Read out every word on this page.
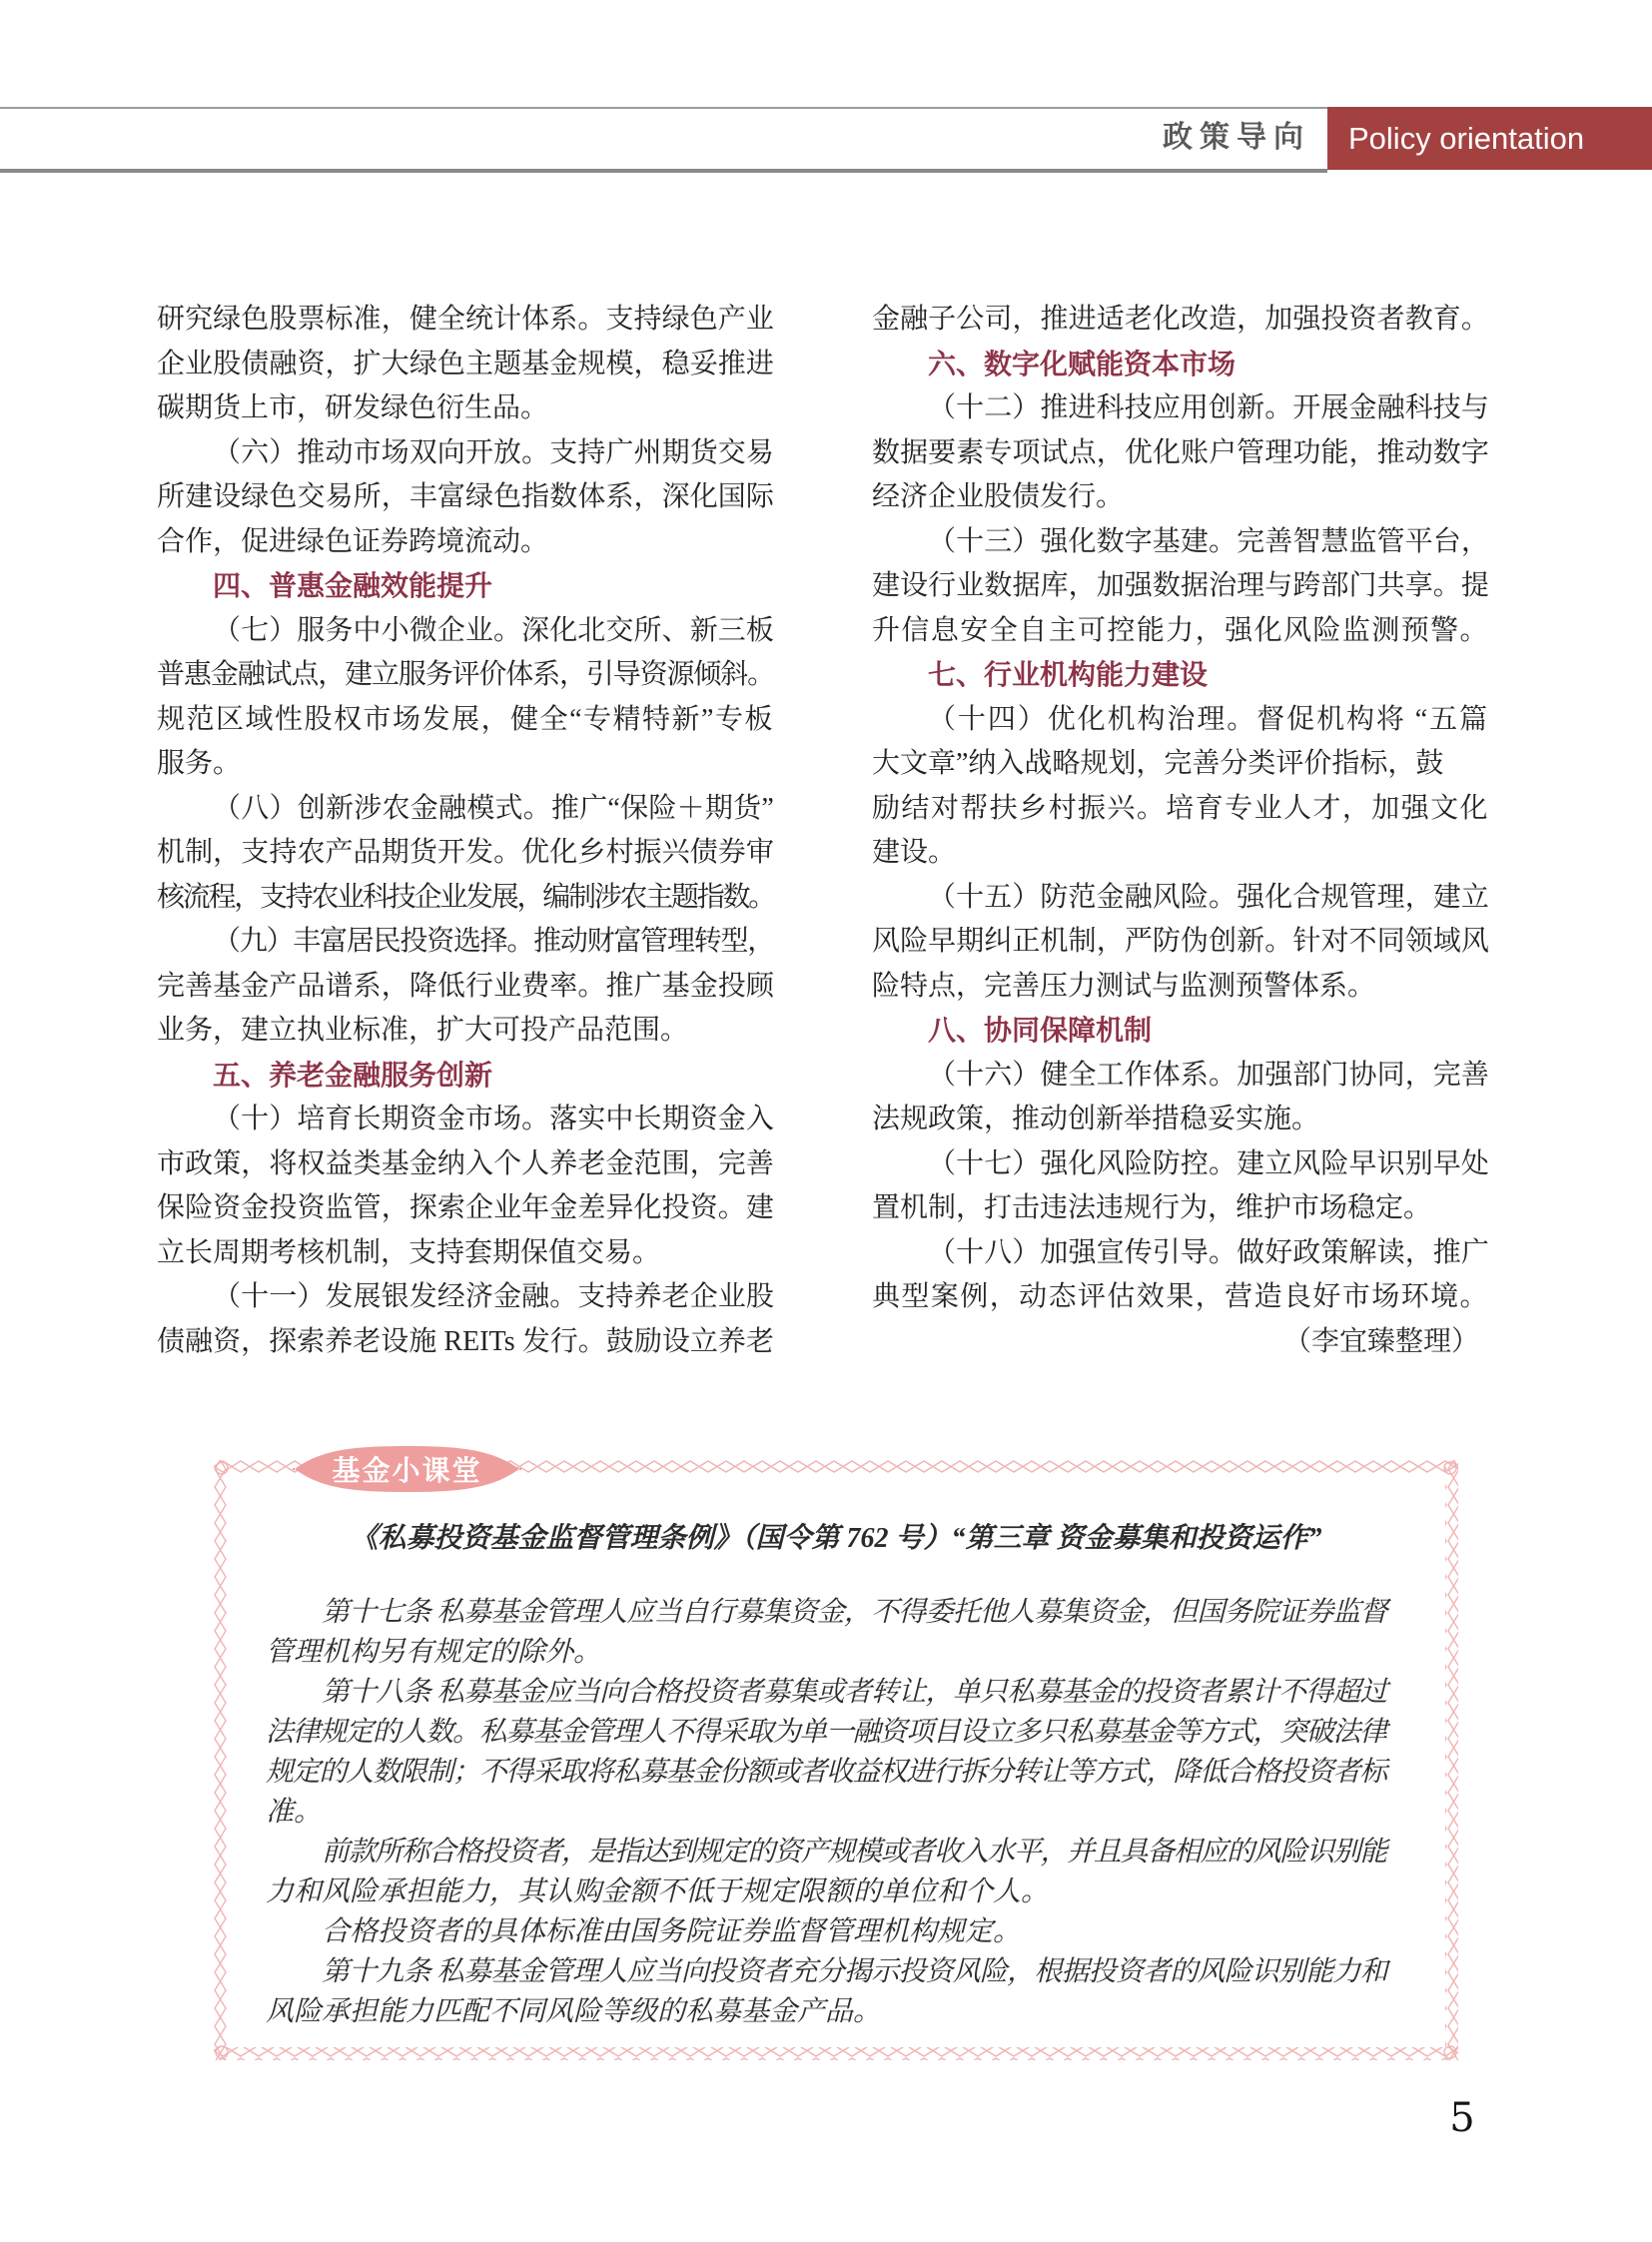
政策导向	Policy orientation
研究绿色股票标准，健全统计体系。支持绿色产业
企业股债融资，扩大绿色主题基金规模，稳妥推进
碳期货上市，研发绿色衍生品。
（六）推动市场双向开放。支持广州期货交易
所建设绿色交易所，丰富绿色指数体系，深化国际
合作，促进绿色证券跨境流动。
四、普惠金融效能提升
（七）服务中小微企业。深化北交所、新三板
普惠金融试点，建立服务评价体系，引导资源倾斜。
规范区域性股权市场发展，健全“专精特新”专板
服务。
（八）创新涉农金融模式。推广“保险＋期货”
机制，支持农产品期货开发。优化乡村振兴债券审
核流程，支持农业科技企业发展，编制涉农主题指数。
（九）丰富居民投资选择。推动财富管理转型，
完善基金产品谱系，降低行业费率。推广基金投顾
业务，建立执业标准，扩大可投产品范围。
五、养老金融服务创新
（十）培育长期资金市场。落实中长期资金入
市政策，将权益类基金纳入个人养老金范围，完善
保险资金投资监管，探索企业年金差异化投资。建
立长周期考核机制，支持套期保值交易。
（十一）发展银发经济金融。支持养老企业股
债融资，探索养老设施 REITs 发行。鼓励设立养老
金融子公司，推进适老化改造，加强投资者教育。
六、数字化赋能资本市场
（十二）推进科技应用创新。开展金融科技与
数据要素专项试点，优化账户管理功能，推动数字
经济企业股债发行。
（十三）强化数字基建。完善智慧监管平台，
建设行业数据库，加强数据治理与跨部门共享。提
升信息安全自主可控能力，强化风险监测预警。
七、行业机构能力建设
（十四）优化机构治理。督促机构将 “五篇
大文章”纳入战略规划，完善分类评价指标，鼓
励结对帮扶乡村振兴。培育专业人才，加强文化
建设。
（十五）防范金融风险。强化合规管理，建立
风险早期纠正机制，严防伪创新。针对不同领域风
险特点，完善压力测试与监测预警体系。
八、协同保障机制
（十六）健全工作体系。加强部门协同，完善
法规政策，推动创新举措稳妥实施。
（十七）强化风险防控。建立风险早识别早处
置机制，打击违法违规行为，维护市场稳定。
（十八）加强宣传引导。做好政策解读，推广
典型案例，动态评估效果，营造良好市场环境。
（李宜臻整理）
《私募投资基金监督管理条例》（国令第 762 号）“第三章 资金募集和投资运作”
第十七条 私募基金管理人应当自行募集资金，不得委托他人募集资金，但国务院证券监督
管理机构另有规定的除外。
第十八条 私募基金应当向合格投资者募集或者转让，单只私募基金的投资者累计不得超过
法律规定的人数。私募基金管理人不得采取为单一融资项目设立多只私募基金等方式，突破法律
规定的人数限制；不得采取将私募基金份额或者收益权进行拆分转让等方式，降低合格投资者标
准。
前款所称合格投资者，是指达到规定的资产规模或者收入水平，并且具备相应的风险识别能
力和风险承担能力，其认购金额不低于规定限额的单位和个人。
合格投资者的具体标准由国务院证券监督管理机构规定。
第十九条 私募基金管理人应当向投资者充分揭示投资风险，根据投资者的风险识别能力和
风险承担能力匹配不同风险等级的私募基金产品。
基金小课堂
5
